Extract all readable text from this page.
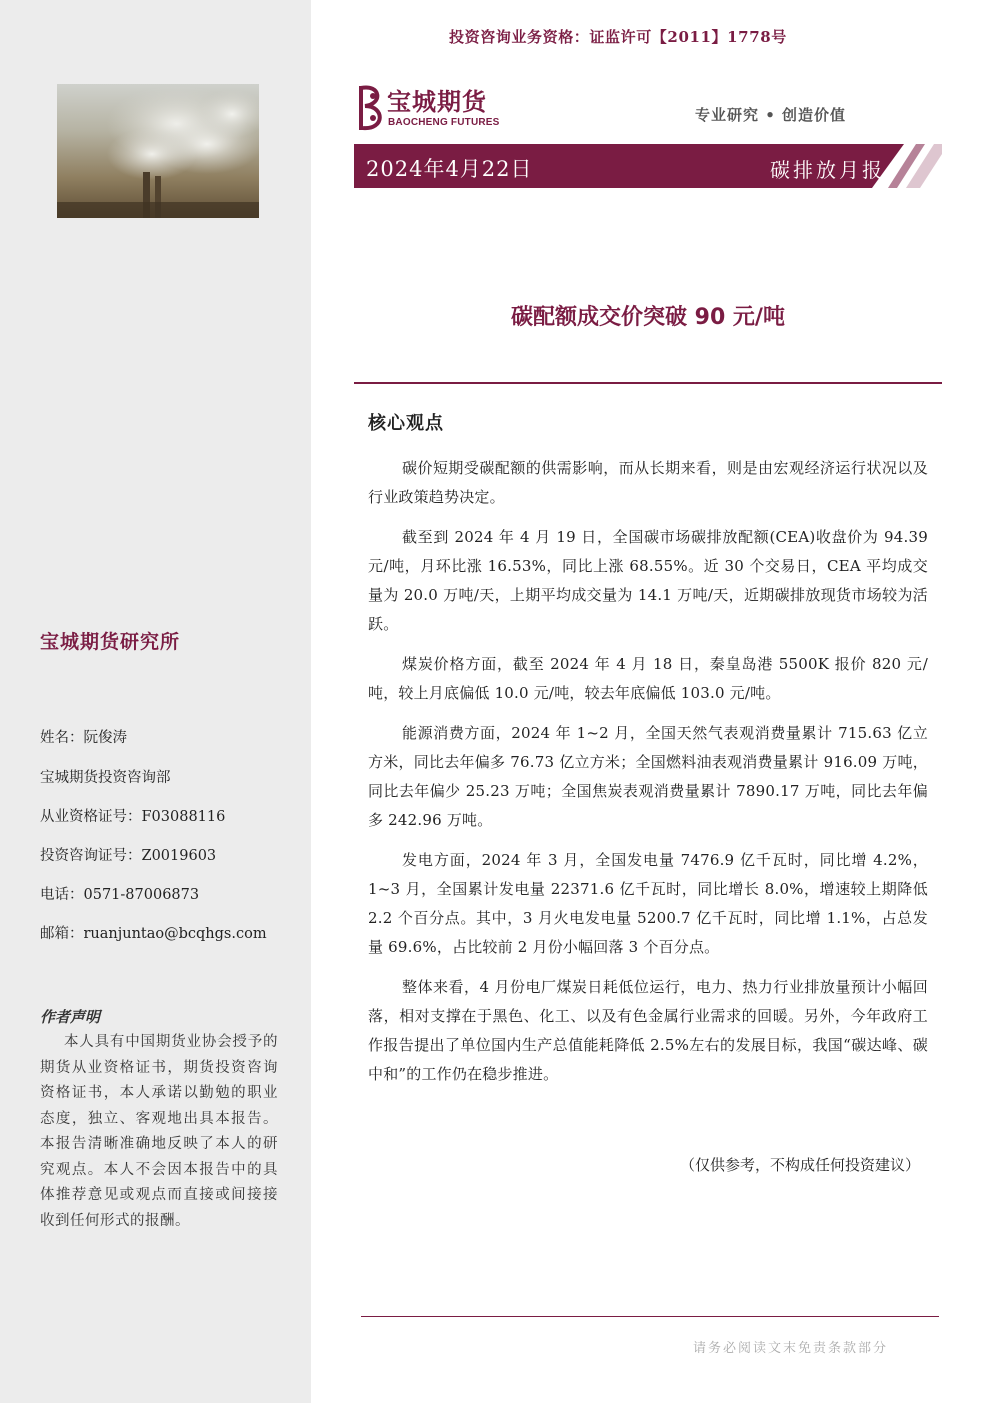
宝城期货研究所
姓名：阮俊涛
宝城期货投资咨询部
从业资格证号：F03088116
投资咨询证号：Z0019603
电话：0571-87006873
邮箱：ruanjuntao@bcqhgs.com
作者声明
本人具有中国期货业协会授予的期货从业资格证书，期货投资咨询资格证书，本人承诺以勤勉的职业态度，独立、客观地出具本报告。本报告清晰准确地反映了本人的研究观点。本人不会因本报告中的具体推荐意见或观点而直接或间接接收到任何形式的报酬。
投资咨询业务资格：证监许可【2011】1778号
宝城期货
BAOCHENG FUTURES	专业研究 • 创造价值
2024年4月22日	碳排放月报
碳配额成交价突破 90 元/吨
核心观点

碳价短期受碳配额的供需影响，而从长期来看，则是由宏观经济运行状况以及行业政策趋势决定。

截至到 2024 年 4 月 19 日，全国碳市场碳排放配额(CEA)收盘价为 94.39 元/吨，月环比涨 16.53%，同比上涨 68.55%。近 30 个交易日，CEA 平均成交量为 20.0 万吨/天，上期平均成交量为 14.1 万吨/天，近期碳排放现货市场较为活跃。

煤炭价格方面，截至 2024 年 4 月 18 日，秦皇岛港 5500K 报价 820 元/吨，较上月底偏低 10.0 元/吨，较去年底偏低 103.0 元/吨。

能源消费方面，2024 年 1~2 月，全国天然气表观消费量累计 715.63 亿立方米，同比去年偏多 76.73 亿立方米；全国燃料油表观消费量累计 916.09 万吨，同比去年偏少 25.23 万吨；全国焦炭表观消费量累计 7890.17 万吨，同比去年偏多 242.96 万吨。

发电方面，2024 年 3 月，全国发电量 7476.9 亿千瓦时，同比增 4.2%，1~3 月，全国累计发电量 22371.6 亿千瓦时，同比增长 8.0%，增速较上期降低 2.2 个百分点。其中，3 月火电发电量 5200.7 亿千瓦时，同比增 1.1%，占总发量 69.6%，占比较前 2 月份小幅回落 3 个百分点。

整体来看，4 月份电厂煤炭日耗低位运行，电力、热力行业排放量预计小幅回落，相对支撑在于黑色、化工、以及有色金属行业需求的回暖。另外，今年政府工作报告提出了单位国内生产总值能耗降低 2.5%左右的发展目标，我国“碳达峰、碳中和”的工作仍在稳步推进。

（仅供参考，不构成任何投资建议）
请务必阅读文末免责条款部分
